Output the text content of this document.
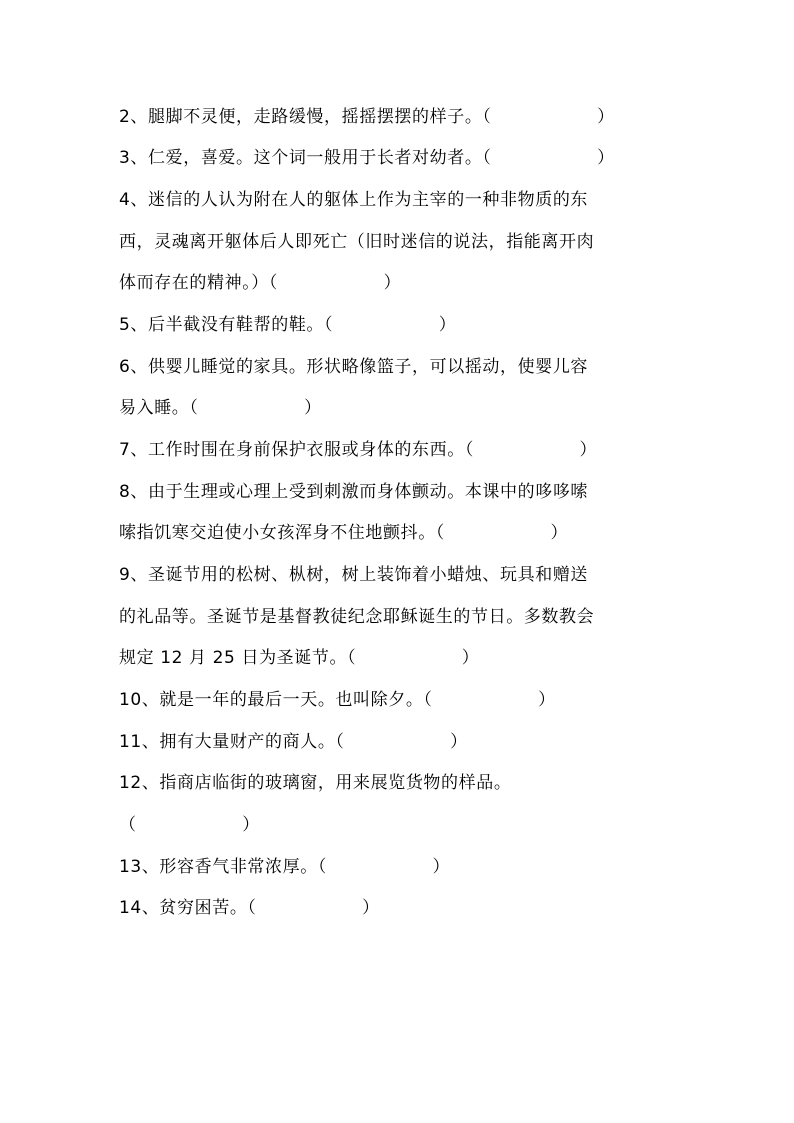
2、腿脚不灵便，走路缓慢，摇摇摆摆的样子。（　　　　　　）
3、仁爱，喜爱。这个词一般用于长者对幼者。（　　　　　　）
4、迷信的人认为附在人的躯体上作为主宰的一种非物质的东
西，灵魂离开躯体后人即死亡（旧时迷信的说法，指能离开肉
体而存在的精神。）（　　　　　　）
5、后半截没有鞋帮的鞋。（　　　　　　）
6、供婴儿睡觉的家具。形状略像篮子，可以摇动，使婴儿容
易入睡。（　　　　　　）
7、工作时围在身前保护衣服或身体的东西。（　　　　　　）
8、由于生理或心理上受到刺激而身体颤动。本课中的哆哆嗦
嗦指饥寒交迫使小女孩浑身不住地颤抖。（　　　　　　）
9、圣诞节用的松树、枞树，树上装饰着小蜡烛、玩具和赠送
的礼品等。圣诞节是基督教徒纪念耶稣诞生的节日。多数教会
规定 12 月 25 日为圣诞节。（　　　　　　）
10、就是一年的最后一天。也叫除夕。（　　　　　　）
11、拥有大量财产的商人。（　　　　　　）
12、指商店临街的玻璃窗，用来展览货物的样品。
（　　　　　　）
13、形容香气非常浓厚。（　　　　　　）
14、贫穷困苦。（　　　　　　）
